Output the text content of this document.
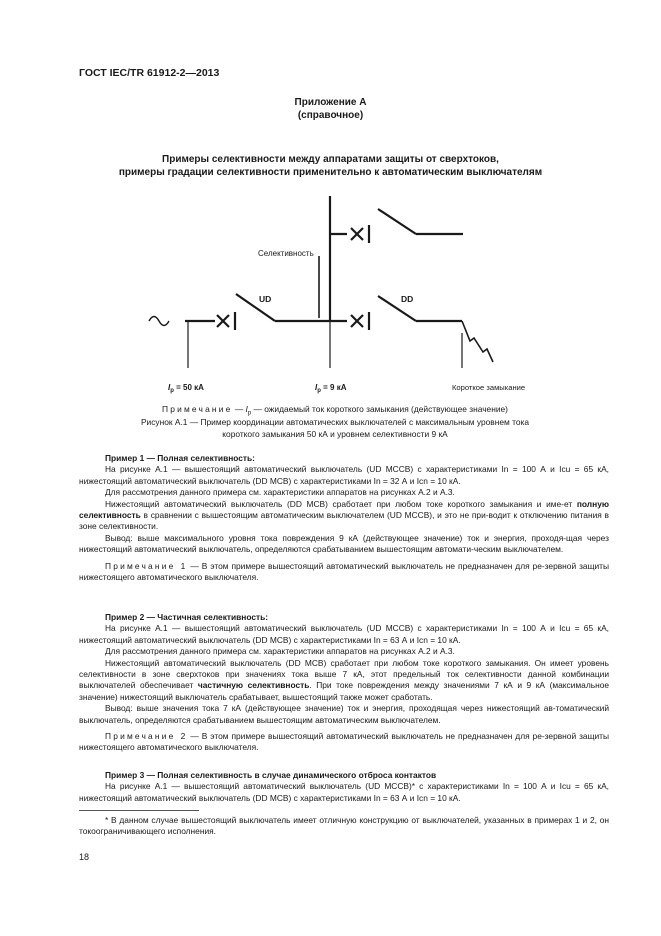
ГОСТ IEC/TR 61912-2—2013
Приложение А
(справочное)
Примеры селективности между аппаратами защиты от сверхтоков,
примеры градации селективности применительно к автоматическим выключателям
Селективность
UD	DD
$I_p = 50$ кА	$I_p = 9$ кА	Короткое замыкание
Примечание — $I_p$ — ожидаемый ток короткого замыкания (действующее значение)
Рисунок А.1 — Пример координации автоматических выключателей с максимальным уровнем тока
короткого замыкания 50 кА и уровнем селективности 9 кА
Пример 1 — Полная селективность:
На рисунке А.1 — вышестоящий автоматический выключатель (UD MCCB) с характеристиками In = 100 А и Icu = 65 кА, нижестоящий автоматический выключатель (DD MCB) с характеристиками In = 32 А и Icn = 10 кА.
Для рассмотрения данного примера см. характеристики аппаратов на рисунках А.2 и А.3.
Нижестоящий автоматический выключатель (DD MCB) сработает при любом токе короткого замыкания и име-ет полную селективность в сравнении с вышестоящим автоматическим выключателем (UD MCCB), и это не при-водит к отключению питания в зоне селективности.
Вывод: выше максимального уровня тока повреждения 9 кА (действующее значение) ток и энергия, проходя-щая через нижестоящий автоматический выключатель, определяются срабатыванием вышестоящим автомати-ческим выключателем.
Примечание 1 — В этом примере вышестоящий автоматический выключатель не предназначен для ре-зервной защиты нижестоящего автоматического выключателя.
Пример 2 — Частичная селективность:
На рисунке А.1 — вышестоящий автоматический выключатель (UD MCCB) с характеристиками In = 100 А и Icu = 65 кА, нижестоящий автоматический выключатель (DD MCB) с характеристиками In = 63 А и Icn = 10 кА.
Для рассмотрения данного примера см. характеристики аппаратов на рисунках А.2 и А.3.
Нижестоящий автоматический выключатель (DD MCB) сработает при любом токе короткого замыкания. Он имеет уровень селективности в зоне сверхтоков при значениях тока выше 7 кА, этот предельный ток селективности данной комбинации выключателей обеспечивает частичную селективность. При токе повреждения между значениями 7 кА и 9 кА (максимальное значение) нижестоящий выключатель срабатывает, вышестоящий также может сработать.
Вывод: выше значения тока 7 кА (действующее значение) ток и энергия, проходящая через нижестоящий ав-томатический выключатель, определяются срабатыванием вышестоящим автоматическим выключателем.
Примечание 2 — В этом примере вышестоящий автоматический выключатель не предназначен для ре-зервной защиты нижестоящего автоматического выключателя.
Пример 3 — Полная селективность в случае динамического отброса контактов
На рисунке А.1 — вышестоящий автоматический выключатель (UD MCCB)* с характеристиками In = 100 А и Icu = 65 кА, нижестоящий автоматический выключатель (DD MCB) с характеристиками In = 63 А и Icn = 10 кА.
* В данном случае вышестоящий выключатель имеет отличную конструкцию от выключателей, указанных в примерах 1 и 2, он токоограничивающего исполнения.
18
